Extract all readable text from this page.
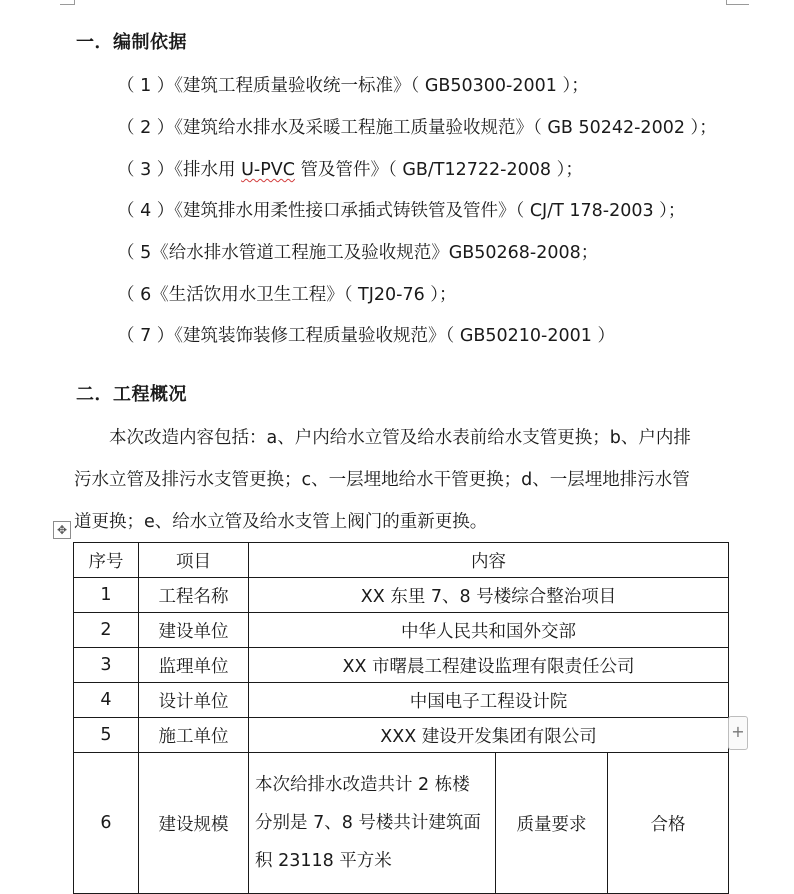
一．编制依据
（ 1 ）《建筑工程质量验收统一标准》（ GB50300-2001 ）；
（ 2 ）《建筑给水排水及采暖工程施工质量验收规范》（ GB 50242-2002 ）；
（ 3 ）《排水用 U-PVC 管及管件》（ GB/T12722-2008 ）；
（ 4 ）《建筑排水用柔性接口承插式铸铁管及管件》（ CJ/T 178-2003 ）；
（ 5《给水排水管道工程施工及验收规范》GB50268-2008；
（ 6《生活饮用水卫生工程》（ TJ20-76 ）；
（ 7 ）《建筑装饰装修工程质量验收规范》（ GB50210-2001 ）
二．工程概况
　　本次改造内容包括：a、户内给水立管及给水表前给水支管更换；b、户内排
污水立管及排污水支管更换；c、一层埋地给水干管更换；d、一层埋地排污水管
道更换；e、给水立管及给水支管上阀门的重新更换。
✥
序号	项目	内容		
1	工程名称	XX 东里 7、8 号楼综合整治项目		
2	建设单位	中华人民共和国外交部		
3	监理单位	XX 市曙晨工程建设监理有限责任公司		
4	设计单位	中国电子工程设计院		
5	施工单位	XXX 建设开发集团有限公司		
6	建设规模	本次给排水改造共计 2 栋楼
分别是 7、8 号楼共计建筑面
积 23118 平方米	质量要求	合格
+
